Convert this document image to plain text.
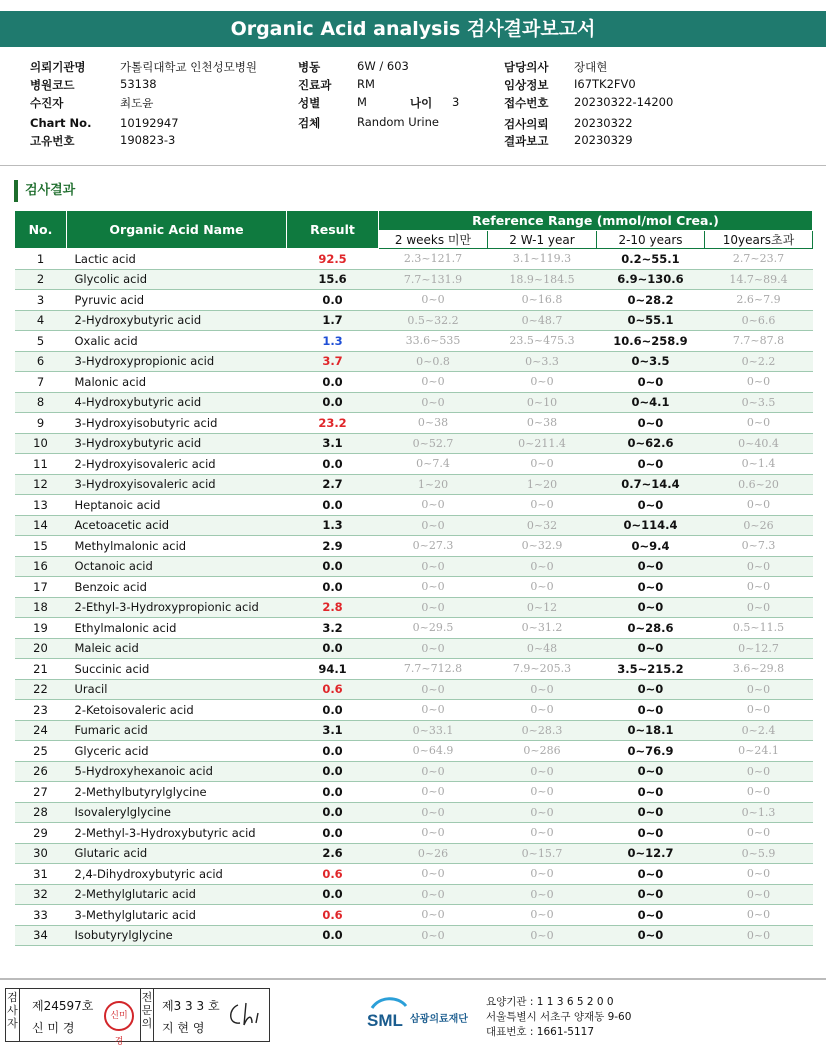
Organic Acid analysis 검사결과보고서
의뢰기관명	가톨릭대학교 인천성모병원
병원코드	53138
수진자	최도윤
Chart No. 10192947
고유번호	190823-3
병동	6W / 603
진료과 RM
성별	M
검체	Random Urine
나이 3
담당의사 장대현
임상정보 I67TK2FV0
접수번호 20230322-14200
검사의뢰 20230322
결과보고 20230329
검사결과
No.	Organic Acid Name	Result	Reference Range (mmol/mol Crea.)			
			2 weeks 미만	2 W-1 year	2-10 years	10years초과
1	Lactic acid	92.5	2.3~121.7	3.1~119.3	0.2~55.1	2.7~23.7
2	Glycolic acid	15.6	7.7~131.9	18.9~184.5	6.9~130.6	14.7~89.4
3	Pyruvic acid	0.0	0~0	0~16.8	0~28.2	2.6~7.9
4	2-Hydroxybutyric acid	1.7	0.5~32.2	0~48.7	0~55.1	0~6.6
5	Oxalic acid	1.3	33.6~535	23.5~475.3	10.6~258.9	7.7~87.8
6	3-Hydroxypropionic acid	3.7	0~0.8	0~3.3	0~3.5	0~2.2
7	Malonic acid	0.0	0~0	0~0	0~0	0~0
8	4-Hydroxybutyric acid	0.0	0~0	0~10	0~4.1	0~3.5
9	3-Hydroxyisobutyric acid	23.2	0~38	0~38	0~0	0~0
10	3-Hydroxybutyric acid	3.1	0~52.7	0~211.4	0~62.6	0~40.4
11	2-Hydroxyisovaleric acid	0.0	0~7.4	0~0	0~0	0~1.4
12	3-Hydroxyisovaleric acid	2.7	1~20	1~20	0.7~14.4	0.6~20
13	Heptanoic acid	0.0	0~0	0~0	0~0	0~0
14	Acetoacetic acid	1.3	0~0	0~32	0~114.4	0~26
15	Methylmalonic acid	2.9	0~27.3	0~32.9	0~9.4	0~7.3
16	Octanoic acid	0.0	0~0	0~0	0~0	0~0
17	Benzoic acid	0.0	0~0	0~0	0~0	0~0
18	2-Ethyl-3-Hydroxypropionic acid	2.8	0~0	0~12	0~0	0~0
19	Ethylmalonic acid	3.2	0~29.5	0~31.2	0~28.6	0.5~11.5
20	Maleic acid	0.0	0~0	0~48	0~0	0~12.7
21	Succinic acid	94.1	7.7~712.8	7.9~205.3	3.5~215.2	3.6~29.8
22	Uracil	0.6	0~0	0~0	0~0	0~0
23	2-Ketoisovaleric acid	0.0	0~0	0~0	0~0	0~0
24	Fumaric acid	3.1	0~33.1	0~28.3	0~18.1	0~2.4
25	Glyceric acid	0.0	0~64.9	0~286	0~76.9	0~24.1
26	5-Hydroxyhexanoic acid	0.0	0~0	0~0	0~0	0~0
27	2-Methylbutyrylglycine	0.0	0~0	0~0	0~0	0~0
28	Isovalerylglycine	0.0	0~0	0~0	0~0	0~1.3
29	2-Methyl-3-Hydroxybutyric acid	0.0	0~0	0~0	0~0	0~0
30	Glutaric acid	2.6	0~26	0~15.7	0~12.7	0~5.9
31	2,4-Dihydroxybutyric acid	0.6	0~0	0~0	0~0	0~0
32	2-Methylglutaric acid	0.0	0~0	0~0	0~0	0~0
33	3-Methylglutaric acid	0.6	0~0	0~0	0~0	0~0
34	Isobutyrylglycine	0.0	0~0	0~0	0~0	0~0
검사자
제24597호
신 미 경
신미경
전문의
제3 3 3 호
지 현 영	SML 삼광의료재단
요양기관 : 1 1 3 6 5 2 0 0
서울특별시 서초구 양재동 9-60
대표번호 : 1661-5117
